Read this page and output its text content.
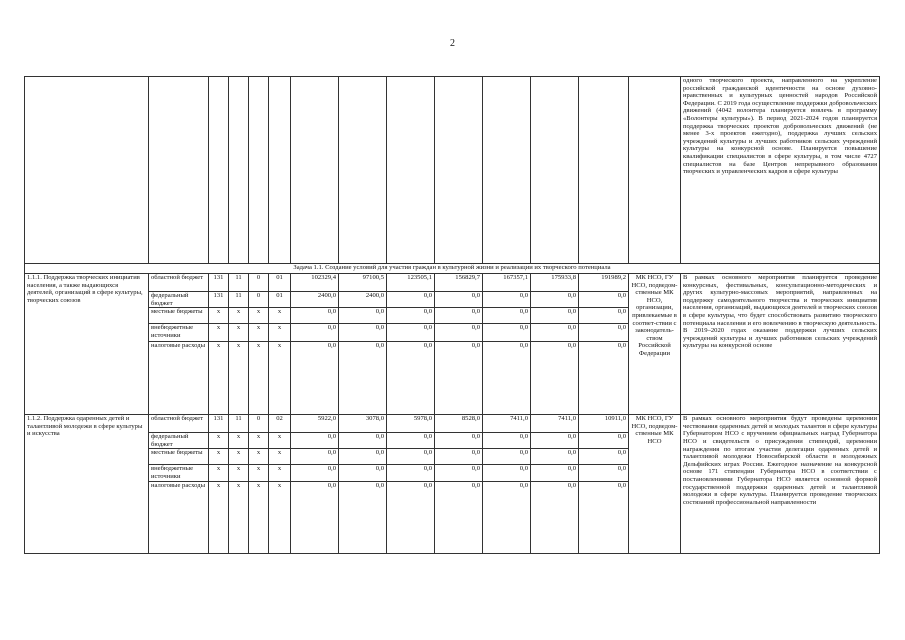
2
														одного творческого проекта, направленного на укрепление российской гражданской идентичности на основе духовно-нравственных и культурных ценностей народов Российской Федерации. С 2019 года осуществление поддержки добровольческих движений (4042 волонтера планируется вовлечь в программу «Волонтеры культуры»). В период 2021-2024 годов планируется поддержка творческих проектов добровольческих движений (не менее 3-х проектов ежегодно), поддержка лучших сельских учреждений культуры и лучших работников сельских учреждений культуры на конкурсной основе. Планируется повышение квалификации специалистов в сфере культуры, в том числе 4727 специалистов на базе Центров непрерывного образования творческих и управленческих кадров в сфере культуры
Задача 1.1. Создание условий для участия граждан в культурной жизни и реализации их творческого потенциала														
1.1.1. Поддержка творческих инициатив населения, а также выдающихся деятелей, организаций в сфере культуры, творческих союзов	областной бюджет	131	11	0	01	102329,4	97100,5	123505,1	156829,7	167357,1	175933,8	191989,2	МК НСО, ГУ НСО, подведом-ственные МК НСО, организации, привлекаемые в соответ-ствии с законодатель-ством Российской Федерации	В рамках основного мероприятия планируется проведение конкурсных, фестивальных, консультационно-методических и других культурно-массовых мероприятий, направленных на поддержку самодеятельного творчества и творческих инициатив населения, организаций, выдающихся деятелей и творческих союзов в сфере культуры, что будет способствовать развитию творческого потенциала населения и его вовлечению в творческую деятельность. В 2019–2020 годах оказание поддержки лучших сельских учреждений культуры и лучших работников сельских учреждений культуры на конкурсной основе
	федеральный бюджет	131	11	0	01	2400,0	2400,0	0,0	0,0	0,0	0,0	0,0		
	местные бюджеты	x	x	x	x	0,0	0,0	0,0	0,0	0,0	0,0	0,0		
	внебюджетные источники	x	x	x	x	0,0	0,0	0,0	0,0	0,0	0,0	0,0		
	налоговые расходы	x	x	x	x	0,0	0,0	0,0	0,0	0,0	0,0	0,0		
1.1.2. Поддержка одаренных детей и талантливой молодежи в сфере культуры и искусства	областной бюджет	131	11	0	02	5922,0	3078,0	5978,0	8528,0	7411,0	7411,0	10911,0	МК НСО, ГУ НСО, подведом-ственные МК НСО	В рамках основного мероприятия будут проведены церемонии чествования одаренных детей и молодых талантов в сфере культуры Губернатором НСО с вручением официальных наград Губернатора НСО и свидетельств о присуждении стипендий, церемонии награждения по итогам участия делегации одаренных детей и талантливой молодежи Новосибирской области в молодежных Дельфийских играх России. Ежегодное назначение на конкурсной основе 171 стипендии Губернатора НСО в соответствии с постановлениями Губернатора НСО является основной формой государственной поддержки одаренных детей и талантливой молодежи в сфере культуры. Планируется проведение творческих состязаний профессиональной направленности
	федеральный бюджет	x	x	x	x	0,0	0,0	0,0	0,0	0,0	0,0	0,0		
	местные бюджеты	x	x	x	x	0,0	0,0	0,0	0,0	0,0	0,0	0,0		
	внебюджетные источники	x	x	x	x	0,0	0,0	0,0	0,0	0,0	0,0	0,0		
	налоговые расходы	x	x	x	x	0,0	0,0	0,0	0,0	0,0	0,0	0,0		
